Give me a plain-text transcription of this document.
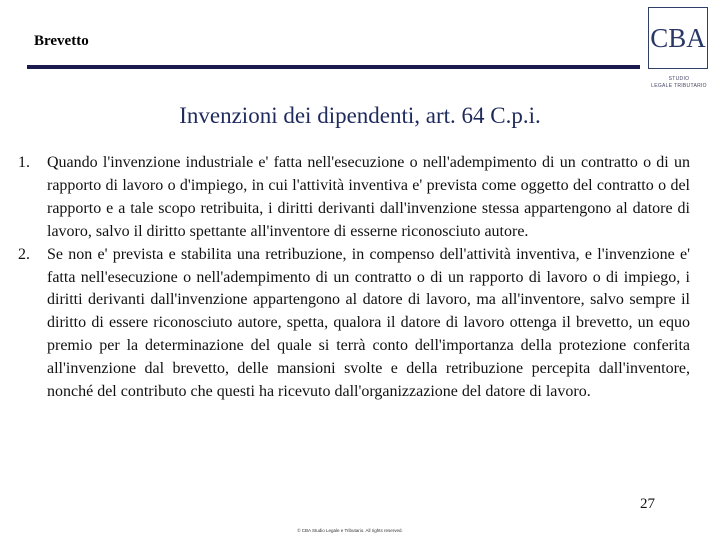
Brevetto	CBA
STUDIO
LEGALE TRIBUTARIO
Invenzioni dei dipendenti, art. 64 C.p.i.
1. Quando l'invenzione industriale e' fatta nell'esecuzione o nell'adempimento di un contratto o di un rapporto di lavoro o d'impiego, in cui l'attività inventiva e' prevista come oggetto del contratto o del rapporto e a tale scopo retribuita, i diritti derivanti dall'invenzione stessa appartengono al datore di lavoro, salvo il diritto spettante all'inventore di esserne riconosciuto autore.
2. Se non e' prevista e stabilita una retribuzione, in compenso dell'attività inventiva, e l'invenzione e' fatta nell'esecuzione o nell'adempimento di un contratto o di un rapporto di lavoro o di impiego, i diritti derivanti dall'invenzione appartengono al datore di lavoro, ma all'inventore, salvo sempre il diritto di essere riconosciuto autore, spetta, qualora il datore di lavoro ottenga il brevetto, un equo premio per la determinazione del quale si terrà conto dell'importanza della protezione conferita all'invenzione dal brevetto, delle mansioni svolte e della retribuzione percepita dall'inventore, nonché del contributo che questi ha ricevuto dall'organizzazione del datore di lavoro.
27
© CBA Studio Legale e Tributario. All rights reserved.
